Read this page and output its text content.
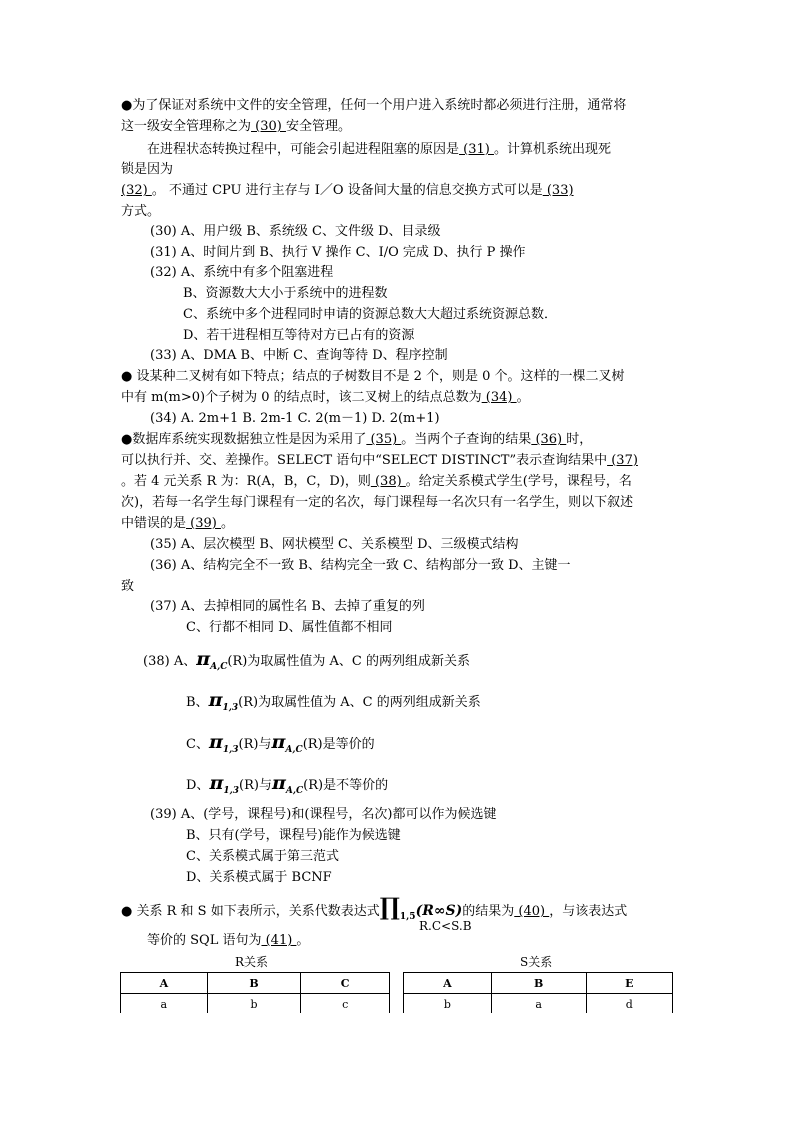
●为了保证对系统中文件的安全管理，任何一个用户进入系统时都必须进行注册，通常将
这一级安全管理称之为 (30) 安全管理。
在进程状态转换过程中，可能会引起进程阻塞的原因是 (31) 。计算机系统出现死
锁是因为
(32) 。 不通过 CPU 进行主存与 I／O 设备间大量的信息交换方式可以是 (33)
方式。
(30) A、用户级 B、系统级 C、文件级 D、目录级
(31) A、时间片到 B、执行 V 操作 C、I/O 完成 D、执行 P 操作
(32) A、系统中有多个阻塞进程
B、资源数大大小于系统中的进程数
C、系统中多个进程同时申请的资源总数大大超过系统资源总数．
D、若干进程相互等待对方已占有的资源
(33) A、DMA B、中断 C、查询等待 D、程序控制
● 设某种二叉树有如下特点；结点的子树数目不是 2 个，则是 0 个。这样的一棵二叉树
中有 m(m>0)个子树为 0 的结点时，该二叉树上的结点总数为 (34) 。
(34) A. 2m+1 B. 2m-1 C. 2(m－1) D. 2(m+1)
●数据库系统实现数据独立性是因为采用了 (35) 。当两个子查询的结果 (36) 时，
可以执行并、交、差操作。SELECT 语句中“SELECT DISTINCT”表示查询结果中 (37)
。若 4 元关系 R 为：R(A，B，C，D)，则 (38) 。给定关系模式学生(学号，课程号，名
次)，若每一名学生每门课程有一定的名次，每门课程每一名次只有一名学生，则以下叙述
中错误的是 (39) 。
(35) A、层次模型 B、网状模型 C、关系模型 D、三级模式结构
(36) A、结构完全不一致 B、结构完全一致 C、结构部分一致 D、主键一
致
(37) A、去掉相同的属性名 B、去掉了重复的列
C、行都不相同 D、属性值都不相同
(38) A、$\pi_{A,C}(R)$为取属性值为 A、C 的两列组成新关系
B、$\pi_{1,3}(R)$为取属性值为 A、C 的两列组成新关系
C、$\pi_{1,3}(R)$与$\pi_{A,C}(R)$是等价的
D、$\pi_{1,3}(R)$与$\pi_{A,C}(R)$是不等价的
(39) A、(学号，课程号)和(课程号，名次)都可以作为候选键
B、只有(学号，课程号)能作为候选键
C、关系模式属于第三范式
D、关系模式属于 BCNF
● 关系 R 和 S 如下表所示，关系代数表达式$\prod_{1,5}(R\infty S)$的结果为 (40) ，与该表达式
R.C<S.B
等价的 SQL 语句为 (41) 。
R关系
A	B	C
a	b	c
S关系
A	B	E
b	a	d
